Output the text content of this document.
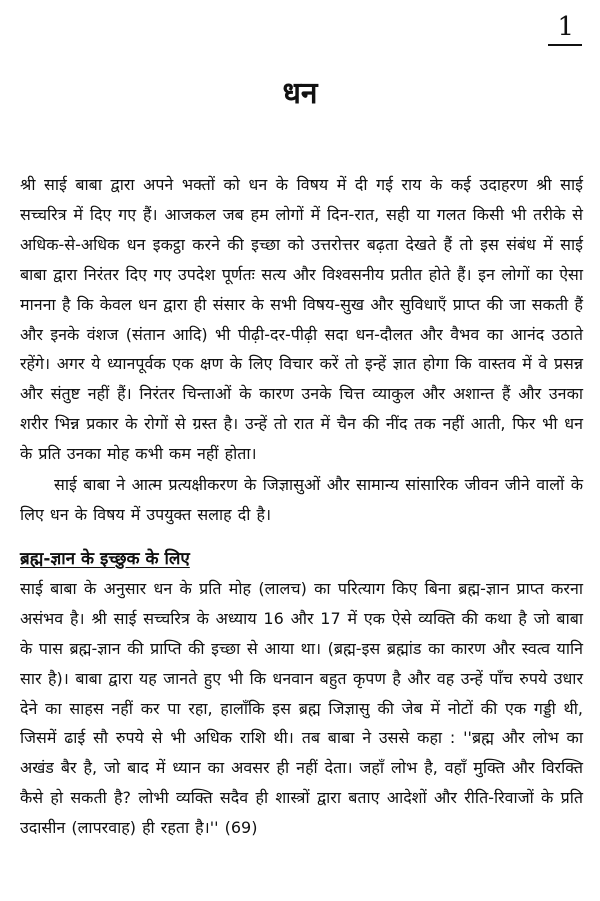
1
धन

श्री साई बाबा द्वारा अपने भक्तों को धन के विषय में दी गई राय के कई उदाहरण श्री साई सच्चरित्र में दिए गए हैं। आजकल जब हम लोगों में दिन-रात, सही या गलत किसी भी तरीके से अधिक-से-अधिक धन इकट्ठा करने की इच्छा को उत्तरोत्तर बढ़ता देखते हैं तो इस संबंध में साई बाबा द्वारा निरंतर दिए गए उपदेश पूर्णतः सत्य और विश्वसनीय प्रतीत होते हैं। इन लोगों का ऐसा मानना है कि केवल धन द्वारा ही संसार के सभी विषय-सुख और सुविधाएँ प्राप्त की जा सकती हैं और इनके वंशज (संतान आदि) भी पीढ़ी-दर-पीढ़ी सदा धन-दौलत और वैभव का आनंद उठाते रहेंगे। अगर ये ध्यानपूर्वक एक क्षण के लिए विचार करें तो इन्हें ज्ञात होगा कि वास्तव में वे प्रसन्न और संतुष्ट नहीं हैं। निरंतर चिन्ताओं के कारण उनके चित्त व्याकुल और अशान्त हैं और उनका शरीर भिन्न प्रकार के रोगों से ग्रस्त है। उन्हें तो रात में चैन की नींद तक नहीं आती, फिर भी धन के प्रति उनका मोह कभी कम नहीं होता।

साई बाबा ने आत्म प्रत्यक्षीकरण के जिज्ञासुओं और सामान्य सांसारिक जीवन जीने वालों के लिए धन के विषय में उपयुक्त सलाह दी है।

ब्रह्म-ज्ञान के इच्छुक के लिए

साई बाबा के अनुसार धन के प्रति मोह (लालच) का परित्याग किए बिना ब्रह्म-ज्ञान प्राप्त करना असंभव है। श्री साई सच्चरित्र के अध्याय 16 और 17 में एक ऐसे व्यक्ति की कथा है जो बाबा के पास ब्रह्म-ज्ञान की प्राप्ति की इच्छा से आया था। (ब्रह्म-इस ब्रह्मांड का कारण और स्वत्व यानि सार है)। बाबा द्वारा यह जानते हुए भी कि धनवान बहुत कृपण है और वह उन्हें पाँच रुपये उधार देने का साहस नहीं कर पा रहा, हालाँकि इस ब्रह्म जिज्ञासु की जेब में नोटों की एक गड्डी थी, जिसमें ढाई सौ रुपये से भी अधिक राशि थी। तब बाबा ने उससे कहा : ''ब्रह्म और लोभ का अखंड बैर है, जो बाद में ध्यान का अवसर ही नहीं देता। जहाँ लोभ है, वहाँ मुक्ति और विरक्ति कैसे हो सकती है? लोभी व्यक्ति सदैव ही शास्त्रों द्वारा बताए आदेशों और रीति-रिवाजों के प्रति उदासीन (लापरवाह) ही रहता है।'' (69)
